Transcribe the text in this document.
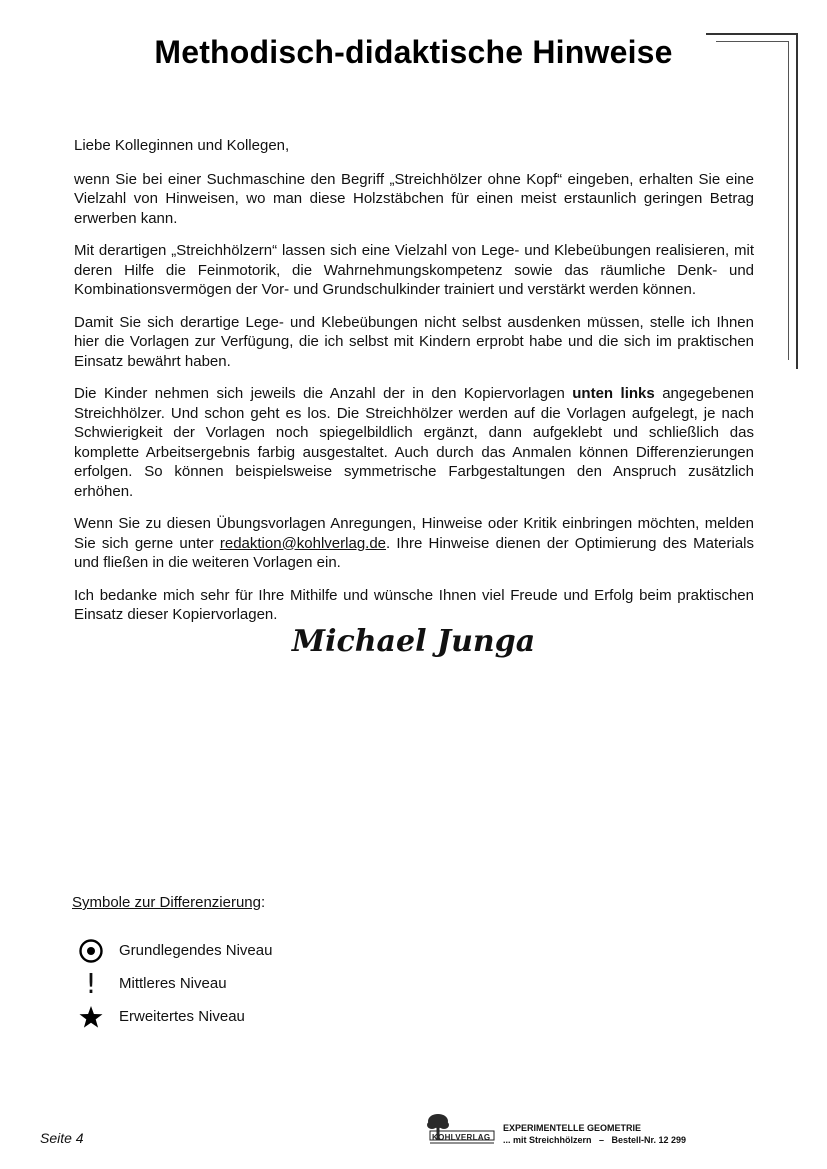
Methodisch-didaktische Hinweise

Liebe Kolleginnen und Kollegen,

wenn Sie bei einer Suchmaschine den Begriff „Streichhölzer ohne Kopf“ eingeben, erhalten Sie eine Vielzahl von Hinweisen, wo man diese Holzstäbchen für einen meist erstaunlich geringen Betrag erwerben kann.

Mit derartigen „Streichhölzern“ lassen sich eine Vielzahl von Lege- und Klebeübungen realisieren, mit deren Hilfe die Feinmotorik, die Wahrnehmungskompetenz sowie das räumliche Denk- und Kombinationsvermögen der Vor- und Grundschulkinder trainiert und verstärkt werden können.

Damit Sie sich derartige Lege- und Klebeübungen nicht selbst ausdenken müssen, stelle ich Ihnen hier die Vorlagen zur Verfügung, die ich selbst mit Kindern erprobt habe und die sich im praktischen Einsatz bewährt haben.

Die Kinder nehmen sich jeweils die Anzahl der in den Kopiervorlagen unten links angegebenen Streichhölzer. Und schon geht es los. Die Streichhölzer werden auf die Vorlagen aufgelegt, je nach Schwierigkeit der Vorlagen noch spiegelbildlich ergänzt, dann aufgeklebt und schließlich das komplette Arbeitsergebnis farbig ausgestaltet. Auch durch das Anmalen können Differenzierungen erfolgen. So können beispielsweise symmetrische Farbgestaltungen den Anspruch zusätzlich erhöhen.

Wenn Sie zu diesen Übungsvorlagen Anregungen, Hinweise oder Kritik einbringen möchten, melden Sie sich gerne unter redaktion@kohlverlag.de. Ihre Hinweise dienen der Optimierung des Materials und fließen in die weiteren Vorlagen ein.

Ich bedanke mich sehr für Ihre Mithilfe und wünsche Ihnen viel Freude und Erfolg beim praktischen Einsatz dieser Kopiervorlagen.

Michael Junga
Symbole zur Differenzierung:
Grundlegendes Niveau
!	Mittleres Niveau
Erweitertes Niveau
Seite 4	KOHLVERLAG
EXPERIMENTELLE GEOMETRIE
... mit Streichhölzern   –   Bestell-Nr. 12 299
